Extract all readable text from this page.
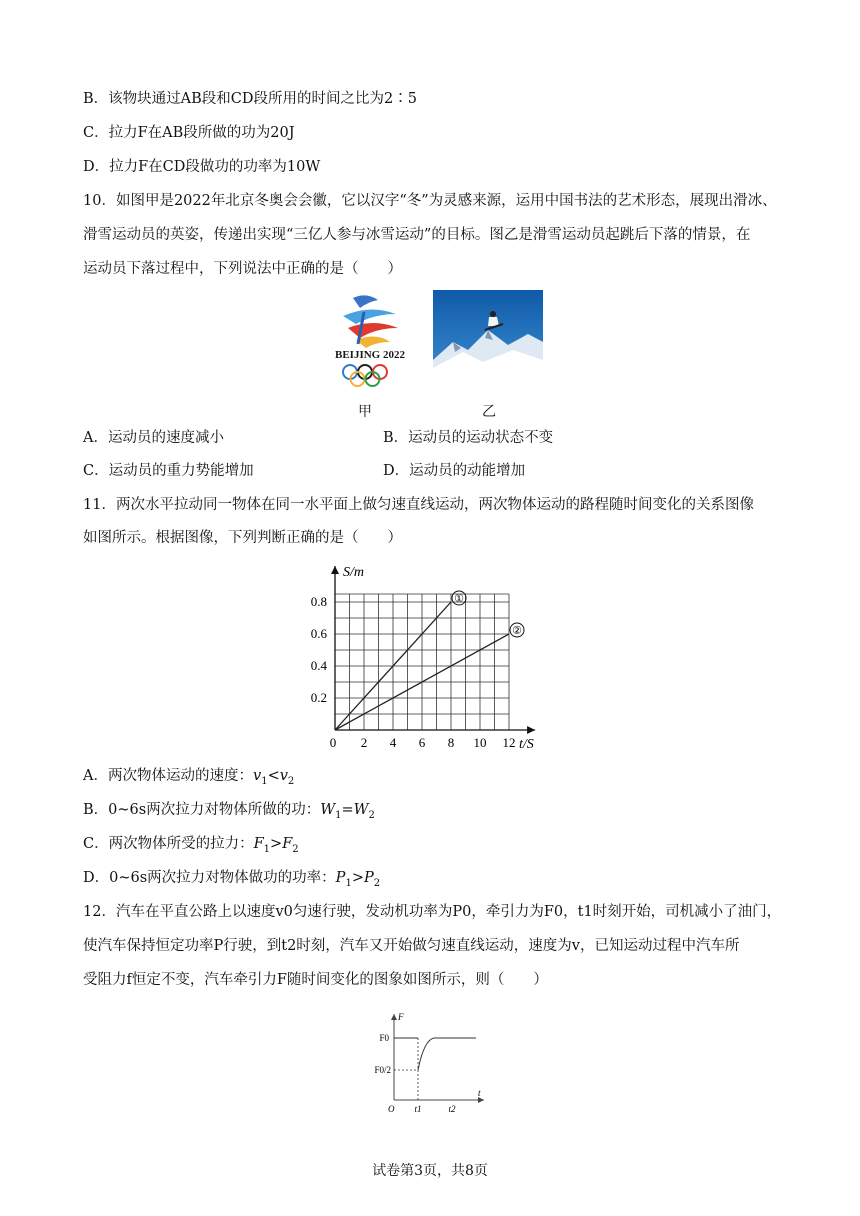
B．该物块通过AB段和CD段所用的时间之比为2∶5
C．拉力F在AB段所做的功为20J
D．拉力F在CD段做功的功率为10W
10．如图甲是2022年北京冬奥会会徽，它以汉字“冬”为灵感来源，运用中国书法的艺术形态，展现出滑冰、
滑雪运动员的英姿，传递出实现“三亿人参与冰雪运动”的目标。图乙是滑雪运动员起跳后下落的情景，在
运动员下落过程中，下列说法中正确的是（　　）
BEIJING 2022
甲	乙
A．运动员的速度减小	B．运动员的运动状态不变
C．运动员的重力势能增加	D．运动员的动能增加
11．两次水平拉动同一物体在同一水平面上做匀速直线运动，两次物体运动的路程随时间变化的关系图像
如图所示。根据图像，下列判断正确的是（　　）
0 2 4 6 8 10 12
0.2
0.4
0.6
0.8
S/m
t/S
①
②
A．两次物体运动的速度：$v_1<v_2$
B．0~6s两次拉力对物体所做的功：$W_1=W_2$
C．两次物体所受的拉力：$F_1>F_2$
D．0~6s两次拉力对物体做功的功率：$P_1>P_2$
12．汽车在平直公路上以速度v0匀速行驶，发动机功率为P0，牵引力为F0，t1时刻开始，司机减小了油门，
使汽车保持恒定功率P行驶，到t2时刻，汽车又开始做匀速直线运动，速度为v，已知运动过程中汽车所
受阻力f恒定不变，汽车牵引力F随时间变化的图象如图所示，则（　　）
F
t
F0
F0/2
O t1	t2
试卷第3页，共8页
